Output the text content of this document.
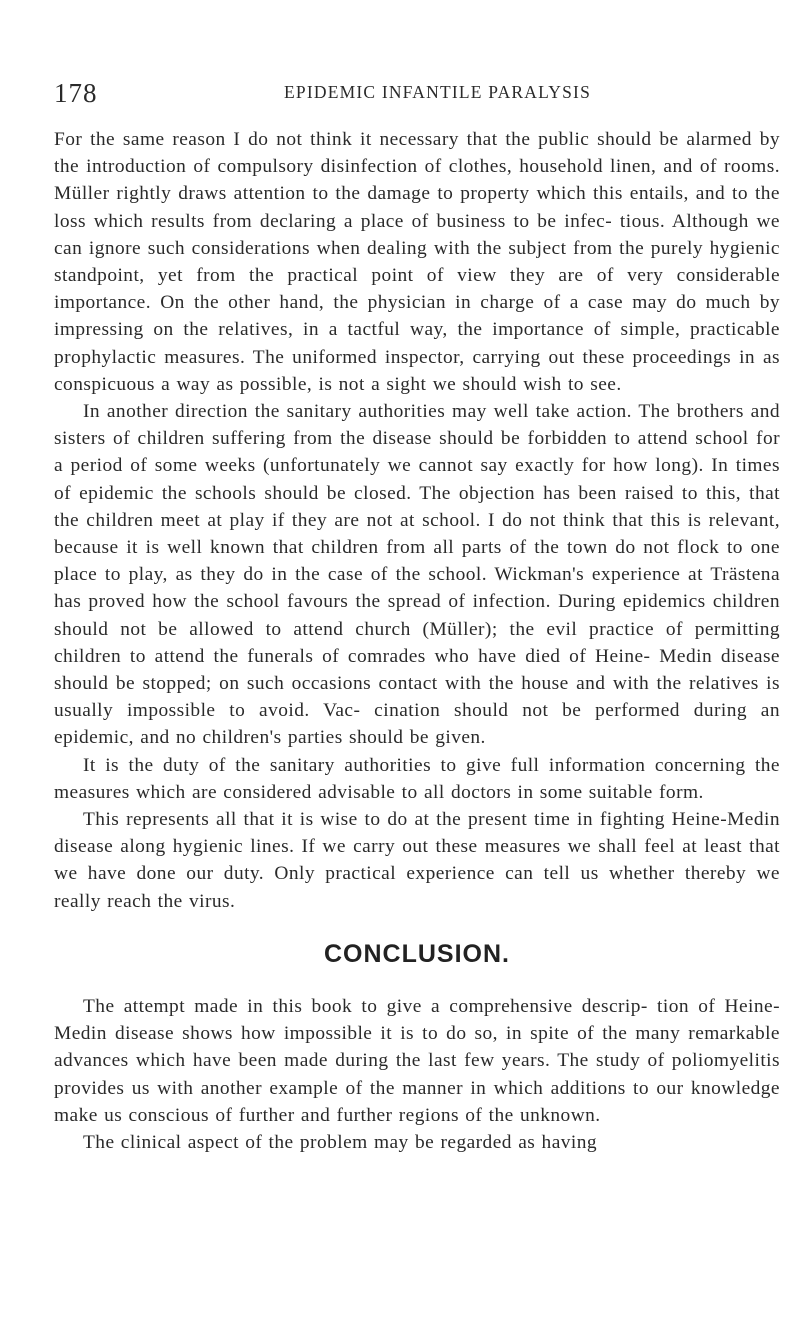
178	EPIDEMIC INFANTILE PARALYSIS

For the same reason I do not think it necessary that the public should be alarmed by the introduction of compulsory disinfection of clothes, household linen, and of rooms. Müller rightly draws attention to the damage to property which this entails, and to the loss which results from declaring a place of business to be infec- tious. Although we can ignore such considerations when dealing with the subject from the purely hygienic standpoint, yet from the practical point of view they are of very considerable importance. On the other hand, the physician in charge of a case may do much by impressing on the relatives, in a tactful way, the importance of simple, practicable prophylactic measures. The uniformed inspector, carrying out these proceedings in as conspicuous a way as possible, is not a sight we should wish to see.

In another direction the sanitary authorities may well take action. The brothers and sisters of children suffering from the disease should be forbidden to attend school for a period of some weeks (unfortunately we cannot say exactly for how long). In times of epidemic the schools should be closed. The objection has been raised to this, that the children meet at play if they are not at school. I do not think that this is relevant, because it is well known that children from all parts of the town do not flock to one place to play, as they do in the case of the school. Wickman's experience at Trästena has proved how the school favours the spread of infection. During epidemics children should not be allowed to attend church (Müller); the evil practice of permitting children to attend the funerals of comrades who have died of Heine- Medin disease should be stopped; on such occasions contact with the house and with the relatives is usually impossible to avoid. Vac- cination should not be performed during an epidemic, and no children's parties should be given.

It is the duty of the sanitary authorities to give full information concerning the measures which are considered advisable to all doctors in some suitable form.

This represents all that it is wise to do at the present time in fighting Heine-Medin disease along hygienic lines. If we carry out these measures we shall feel at least that we have done our duty. Only practical experience can tell us whether thereby we really reach the virus.

CONCLUSION.

The attempt made in this book to give a comprehensive descrip- tion of Heine-Medin disease shows how impossible it is to do so, in spite of the many remarkable advances which have been made during the last few years. The study of poliomyelitis provides us with another example of the manner in which additions to our knowledge make us conscious of further and further regions of the unknown.

The clinical aspect of the problem may be regarded as having
